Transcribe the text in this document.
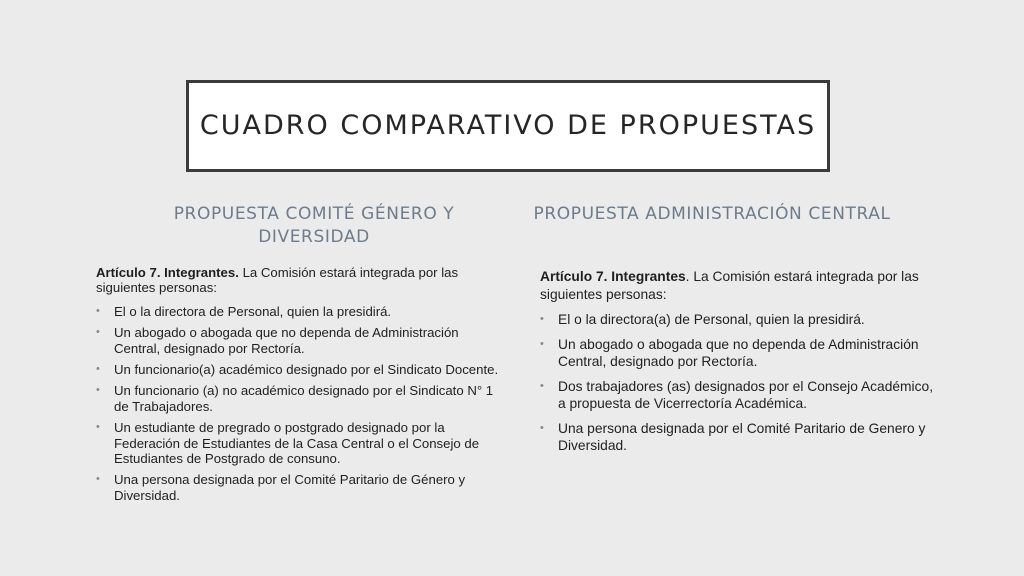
CUADRO COMPARATIVO DE PROPUESTAS
PROPUESTA COMITÉ GÉNERO Y DIVERSIDAD
PROPUESTA ADMINISTRACIÓN CENTRAL

Artículo 7. Integrantes. La Comisión estará integrada por las siguientes personas:

• El o la directora de Personal, quien la presidirá.
• Un abogado o abogada que no dependa de Administración Central, designado por Rectoría.
• Un funcionario(a) académico designado por el Sindicato Docente.
• Un funcionario (a) no académico designado por el Sindicato N° 1 de Trabajadores.
• Un estudiante de pregrado o postgrado designado por la Federación de Estudiantes de la Casa Central o el Consejo de Estudiantes de Postgrado de consuno.
• Una persona designada por el Comité Paritario de Género y Diversidad.

Artículo 7. Integrantes. La Comisión estará integrada por las siguientes personas:

• El o la directora(a) de Personal, quien la presidirá.
• Un abogado o abogada que no dependa de Administración Central, designado por Rectoría.
• Dos trabajadores (as) designados por el Consejo Académico, a propuesta de Vicerrectoría Académica.
• Una persona designada por el Comité Paritario de Genero y Diversidad.
